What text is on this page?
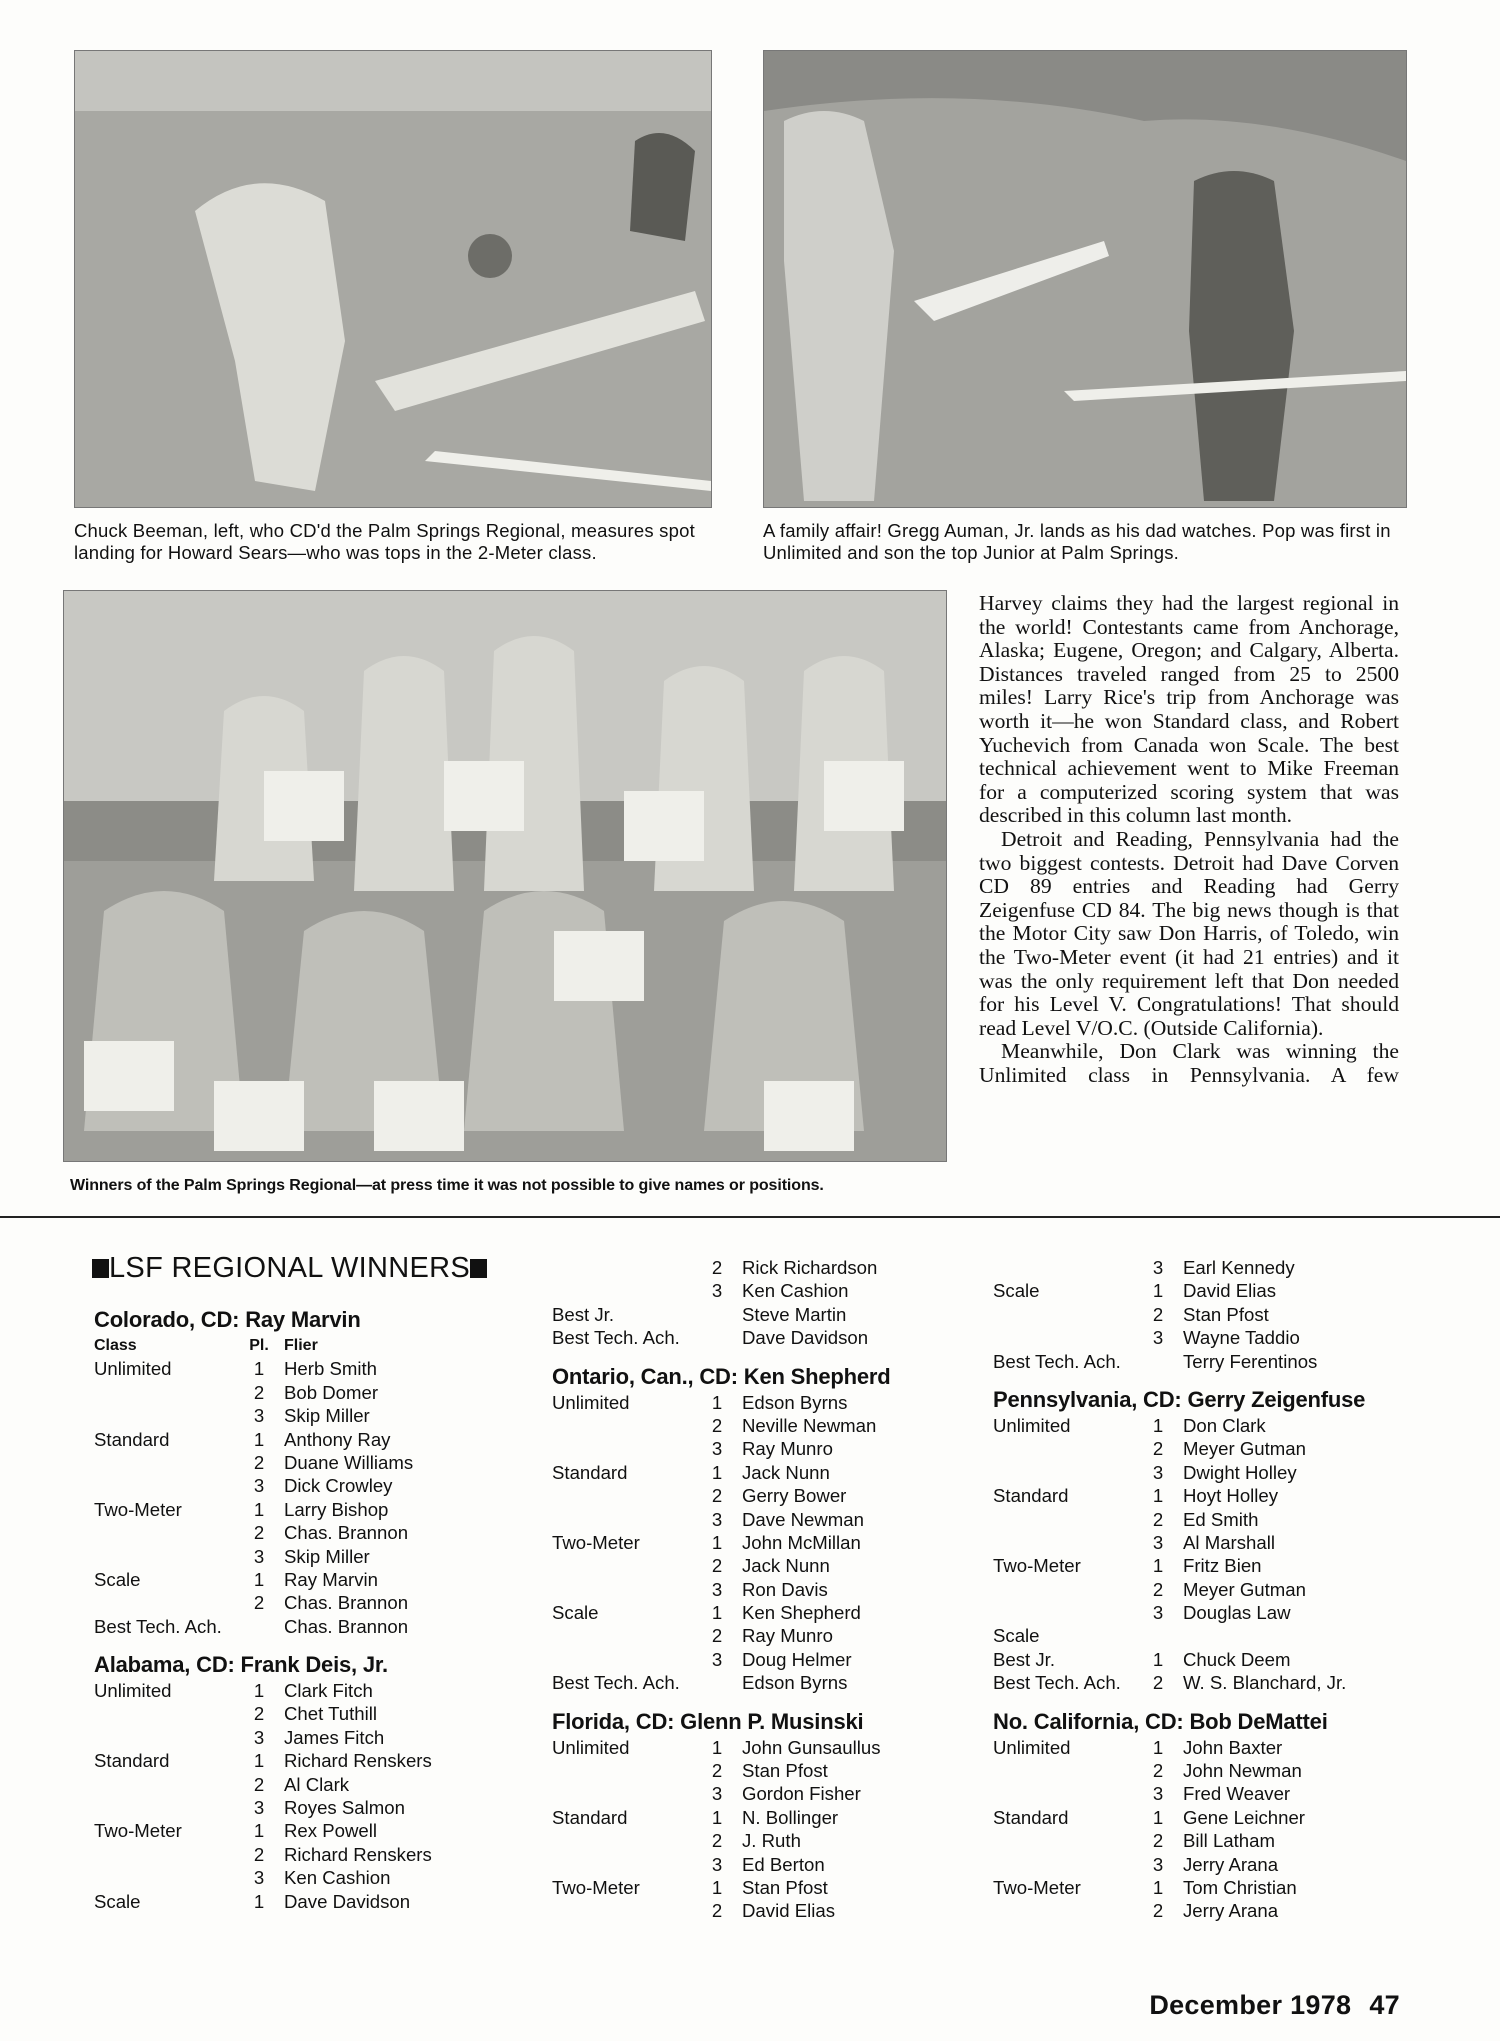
Chuck Beeman, left, who CD'd the Palm Springs Regional, measures spot landing for Howard Sears—who was tops in the 2-Meter class.
A family affair! Gregg Auman, Jr. lands as his dad watches. Pop was first in Unlimited and son the top Junior at Palm Springs.
Winners of the Palm Springs Regional—at press time it was not possible to give names or positions.

Harvey claims they had the largest regional in the world! Contestants came from Anchorage, Alaska; Eugene, Oregon; and Calgary, Alberta. Distances traveled ranged from 25 to 2500 miles! Larry Rice's trip from Anchorage was worth it—he won Standard class, and Robert Yuchevich from Canada won Scale. The best technical achievement went to Mike Freeman for a computerized scoring system that was described in this column last month.

Detroit and Reading, Pennsylvania had the two biggest contests. Detroit had Dave Corven CD 89 entries and Reading had Gerry Zeigenfuse CD 84. The big news though is that the Motor City saw Don Harris, of Toledo, win the Two-Meter event (it had 21 entries) and it was the only requirement left that Don needed for his Level V. Congratulations! That should read Level V/O.C. (Outside California).

Meanwhile, Don Clark was winning the Unlimited class in Pennsylvania. A few

LSF REGIONAL WINNERS
Colorado, CD: Ray Marvin
Class	Pl. Flier
Unlimited	1	Herb Smith
2	Bob Domer
3	Skip Miller
Standard	1	Anthony Ray
2	Duane Williams
3	Dick Crowley
Two-Meter	1	Larry Bishop
2	Chas. Brannon
3	Skip Miller
Scale	1	Ray Marvin
2	Chas. Brannon
Best Tech. Ach.	Chas. Brannon
Alabama, CD: Frank Deis, Jr.
Unlimited	1	Clark Fitch
2	Chet Tuthill
3	James Fitch
Standard	1	Richard Renskers
2	Al Clark
3	Royes Salmon
Two-Meter	1	Rex Powell
2	Richard Renskers
3	Ken Cashion
Scale	1	Dave Davidson
2	Rick Richardson
3	Ken Cashion
Best Jr.	Steve Martin
Best Tech. Ach.	Dave Davidson
Ontario, Can., CD: Ken Shepherd
Unlimited	1	Edson Byrns
2	Neville Newman
3	Ray Munro
Standard	1	Jack Nunn
2	Gerry Bower
3	Dave Newman
Two-Meter	1	John McMillan
2	Jack Nunn
3	Ron Davis
Scale	1	Ken Shepherd
2	Ray Munro
3	Doug Helmer
Best Tech. Ach.	Edson Byrns
Florida, CD: Glenn P. Musinski
Unlimited	1	John Gunsaullus
2	Stan Pfost
3	Gordon Fisher
Standard	1	N. Bollinger
2	J. Ruth
3	Ed Berton
Two-Meter	1	Stan Pfost
2	David Elias
3	Earl Kennedy
Scale	1	David Elias
2	Stan Pfost
3	Wayne Taddio
Best Tech. Ach.	Terry Ferentinos
Pennsylvania, CD: Gerry Zeigenfuse
Unlimited	1	Don Clark
2	Meyer Gutman
3	Dwight Holley
Standard	1	Hoyt Holley
2	Ed Smith
3	Al Marshall
Two-Meter	1	Fritz Bien
2	Meyer Gutman
3	Douglas Law
Scale
Best Jr.	1	Chuck Deem
Best Tech. Ach.	2	W. S. Blanchard, Jr.
No. California, CD: Bob DeMattei
Unlimited	1	John Baxter
2	John Newman
3	Fred Weaver
Standard	1	Gene Leichner
2	Bill Latham
3	Jerry Arana
Two-Meter	1	Tom Christian
2	Jerry Arana
December 1978 47
